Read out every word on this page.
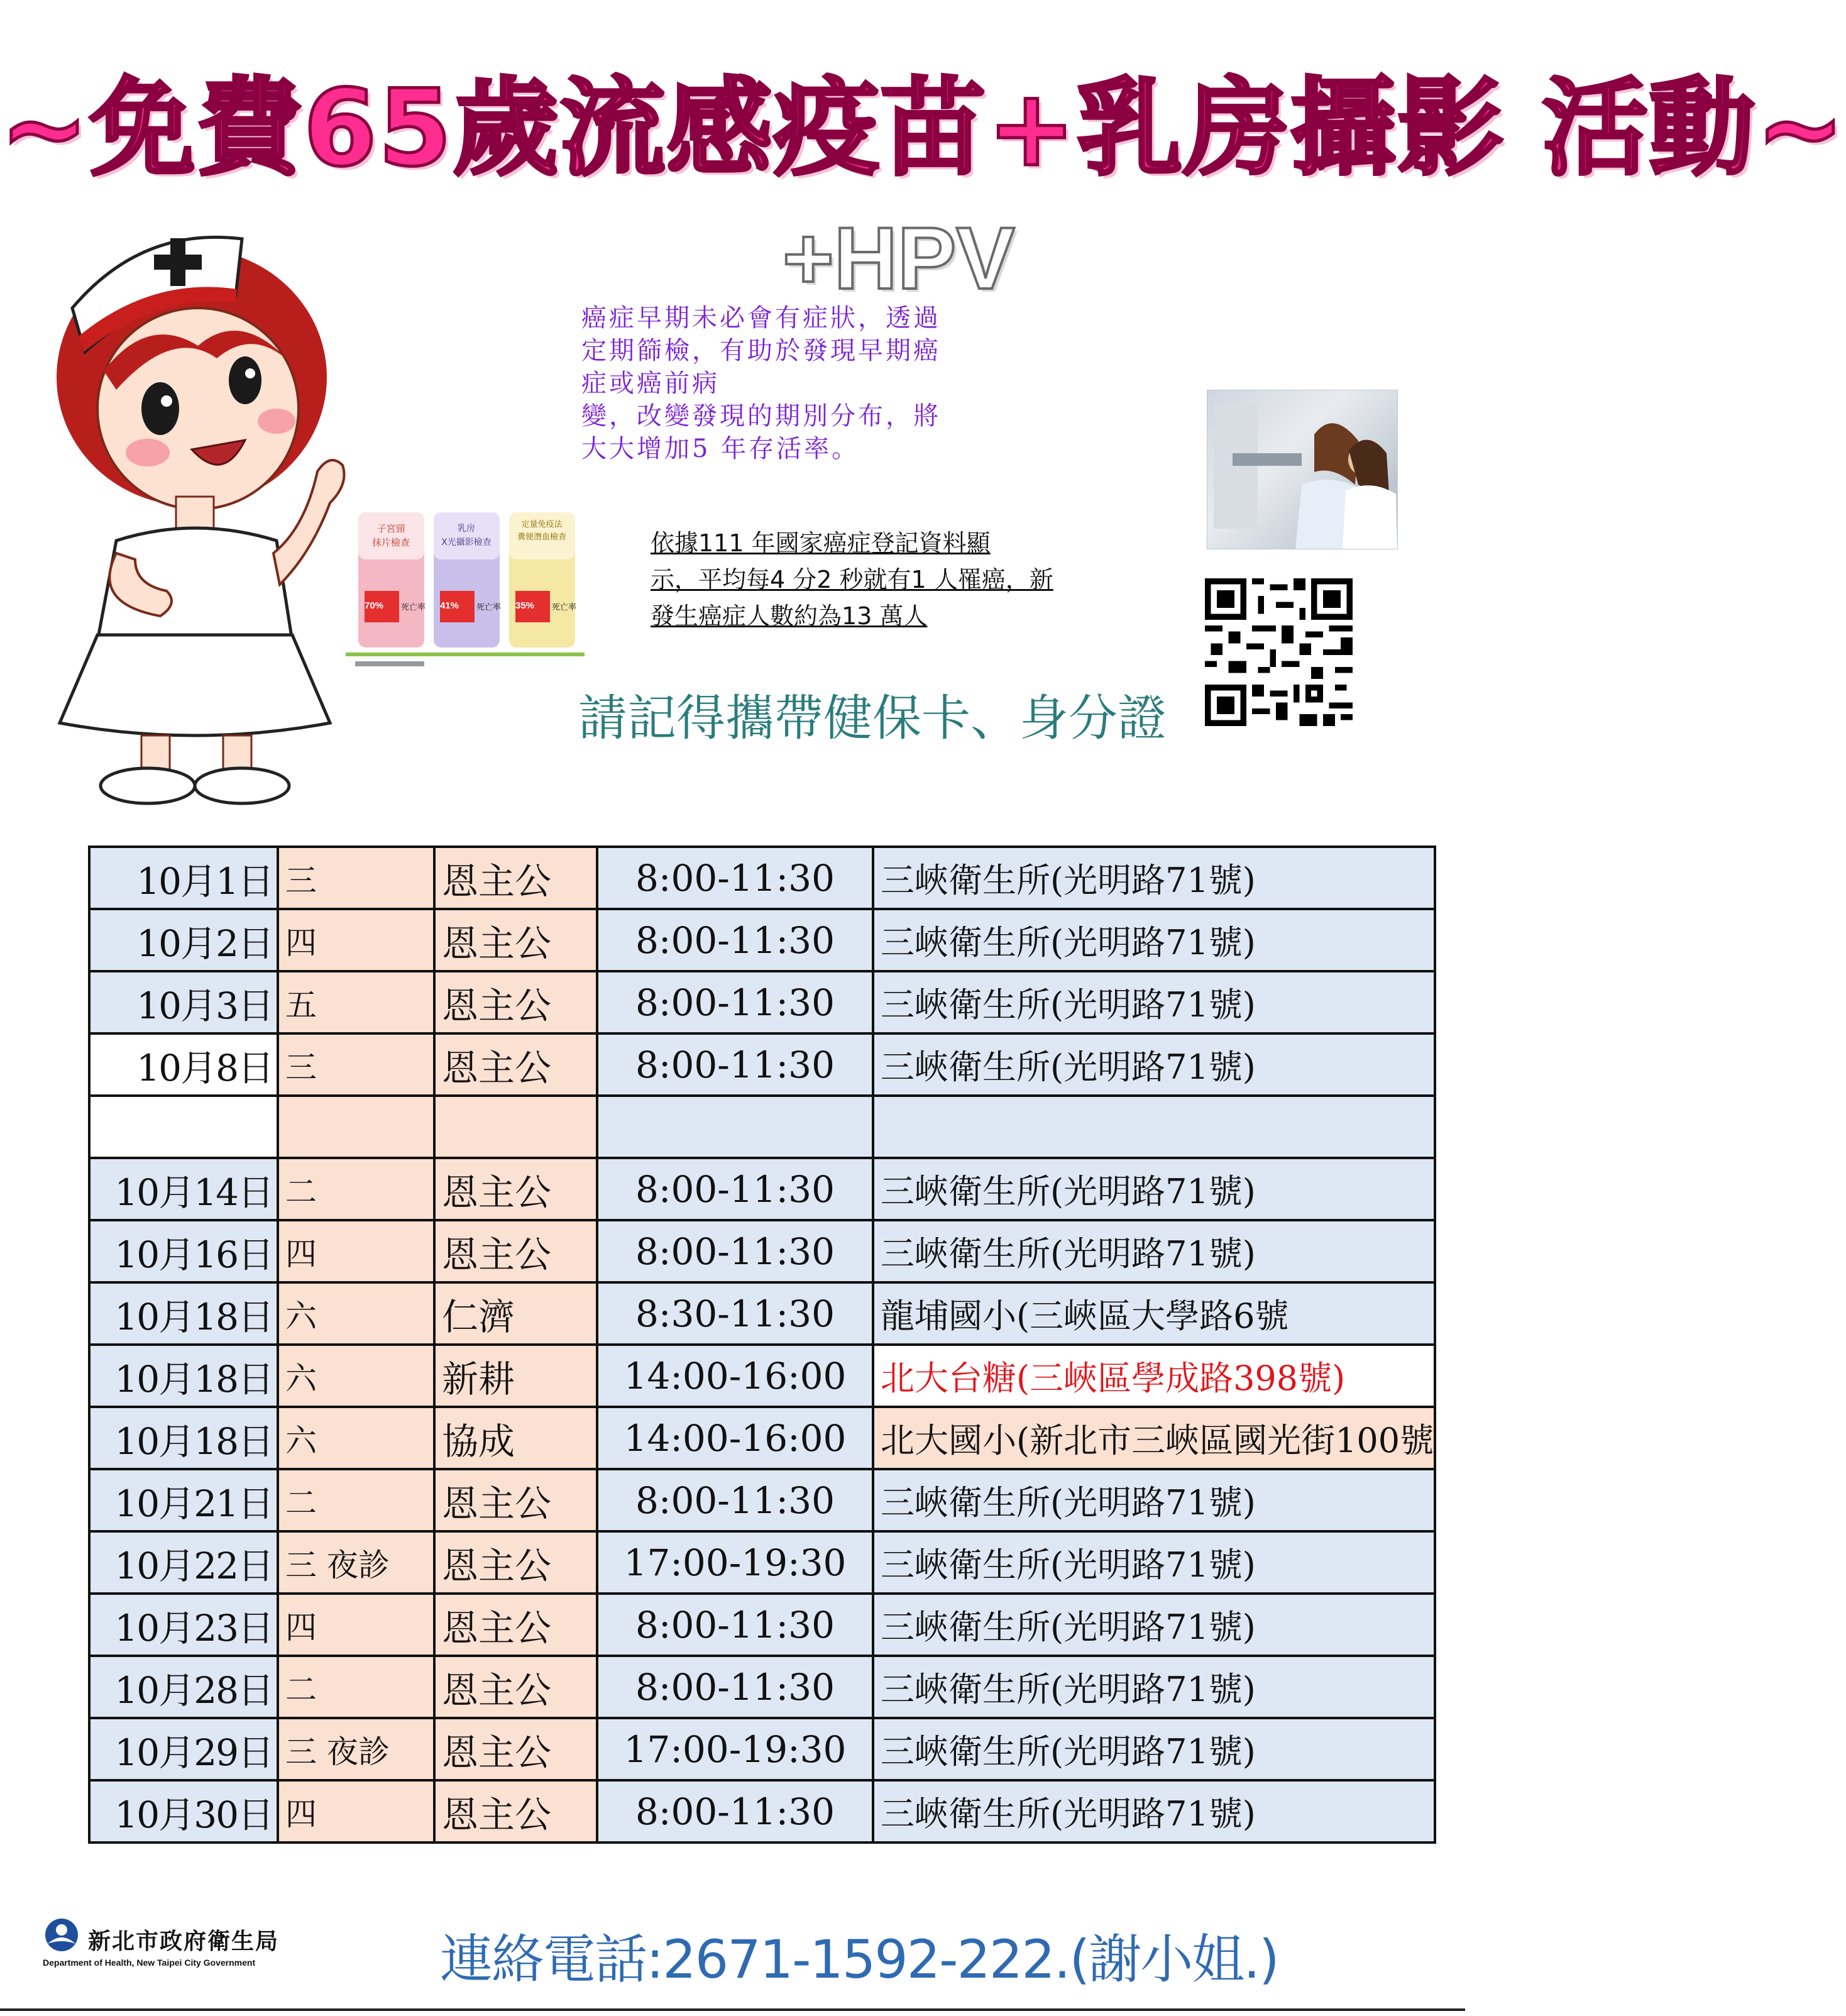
~免費65歲流感疫苗+乳房攝影 活動~
+HPV
癌症早期未必會有症狀，透過
定期篩檢，有助於發現早期癌
症或癌前病
變，改變發現的期別分布，將
大大增加5 年存活率。
子宮頸
抹片檢查
乳房
X光攝影檢查
定量免疫法
糞便潛血檢查
70% 死亡率 41% 死亡率 35% 死亡率
依據111 年國家癌症登記資料顯
示，平均每4 分2 秒就有1 人罹癌，新
發生癌症人數約為13 萬人
請記得攜帶健保卡、身分證
10月1日	三	恩主公	8:00-11:30	三峽衛生所(光明路71號)
10月2日	四	恩主公	8:00-11:30	三峽衛生所(光明路71號)
10月3日	五	恩主公	8:00-11:30	三峽衛生所(光明路71號)
10月8日	三	恩主公	8:00-11:30	三峽衛生所(光明路71號)

10月14日	二	恩主公	8:00-11:30	三峽衛生所(光明路71號)
10月16日	四	恩主公	8:00-11:30	三峽衛生所(光明路71號)
10月18日	六	仁濟	8:30-11:30	龍埔國小(三峽區大學路6號
10月18日	六	新耕	14:00-16:00	北大台糖(三峽區學成路398號)
10月18日	六	協成	14:00-16:00	北大國小(新北市三峽區國光街100號
10月21日	二	恩主公	8:00-11:30	三峽衛生所(光明路71號)
10月22日	三 夜診	恩主公	17:00-19:30	三峽衛生所(光明路71號)
10月23日	四	恩主公	8:00-11:30	三峽衛生所(光明路71號)
10月28日	二	恩主公	8:00-11:30	三峽衛生所(光明路71號)
10月29日	三 夜診	恩主公	17:00-19:30	三峽衛生所(光明路71號)
10月30日	四	恩主公	8:00-11:30	三峽衛生所(光明路71號)
新北市政府衛生局
Department of Health, New Taipei City Government	連絡電話:2671-1592-222.(謝小姐.)
